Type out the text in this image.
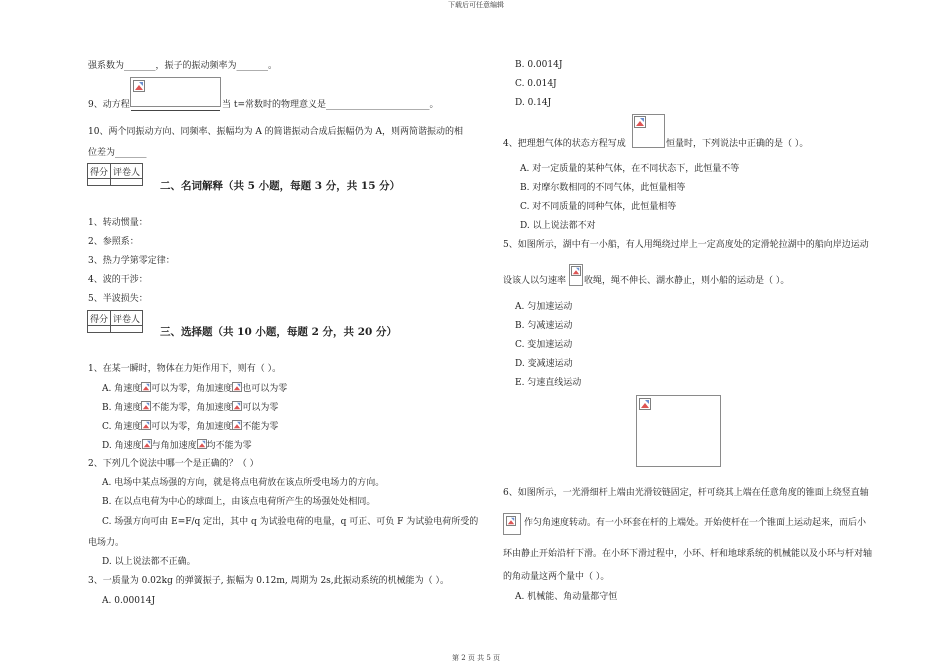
下载后可任意编辑
第 2 页 共 5 页
强系数为_______，振子的振动频率为_______。
9、动方程	当 t=常数时的物理意义是_______________________。
10、两个同振动方向、同频率、振幅均为 A 的简谐振动合成后振幅仍为 A，则两简谐振动的相
位差为_______
得分	评卷人

二、名词解释（共 5 小题，每题 3 分，共 15 分）
1、转动惯量：
2、参照系：
3、热力学第零定律：
4、波的干涉：
5、半波损失：
得分	评卷人

三、选择题（共 10 小题，每题 2 分，共 20 分）
1、在某一瞬时，物体在力矩作用下，则有（ ）。
A. 角速度 可以为零，角加速度 也可以为零
B. 角速度 不能为零，角加速度 可以为零
C. 角速度 可以为零，角加速度 不能为零
D. 角速度 与角加速度 均不能为零
2、下列几个说法中哪一个是正确的？（ ）
A. 电场中某点场强的方向，就是将点电荷放在该点所受电场力的方向。
B. 在以点电荷为中心的球面上，由该点电荷所产生的场强处处相同。
C. 场强方向可由 E=F/q 定出，其中 q 为试验电荷的电量，q 可正、可负 F 为试验电荷所受的
电场力。
D. 以上说法都不正确。
3、一质量为 0.02kg 的弹簧振子, 振幅为 0.12m, 周期为 2s,此振动系统的机械能为（ ）。
A. 0.00014J
B. 0.0014J
C. 0.014J
D. 0.14J
4、把理想气体的状态方程写成	恒量时，下列说法中正确的是（ ）。
A. 对一定质量的某种气体，在不同状态下，此恒量不等
B. 对摩尔数相同的不同气体，此恒量相等
C. 对不同质量的同种气体，此恒量相等
D. 以上说法都不对
5、如图所示，湖中有一小船，有人用绳绕过岸上一定高度处的定滑轮拉湖中的船向岸边运动
设该人以匀速率 收绳，绳不伸长、湖水静止，则小船的运动是（ ）。
A. 匀加速运动
B. 匀减速运动
C. 变加速运动
D. 变减速运动
E. 匀速直线运动
6、如图所示，一光滑细杆上端由光滑铰链固定，杆可绕其上端在任意角度的锥面上绕竖直轴
作匀角速度转动。有一小环套在杆的上端处。开始使杆在一个锥面上运动起来，而后小
环由静止开始沿杆下滑。在小环下滑过程中，小环、杆和地球系统的机械能以及小环与杆对轴
的角动量这两个量中（ ）。
A. 机械能、角动量都守恒
